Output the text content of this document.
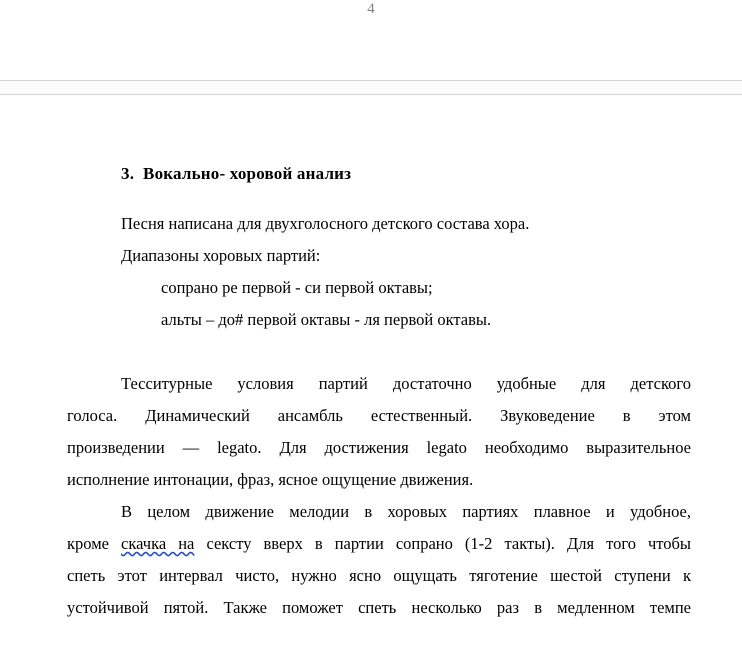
4
3.  Вокально- хоровой анализ

Песня написана для двухголосного детского состава хора.

Диапазоны хоровых партий:

сопрано ре первой - си первой октавы;

альты – до# первой октавы - ля первой октавы.

Тесситурные условия партий достаточно удобные для детского
голоса. Динамический ансамбль естественный. Звуковедение в этом
произведении — legato. Для достижения legato необходимо выразительное
исполнение интонации, фраз, ясное ощущение движения.
В целом движение мелодии в хоровых партиях плавное и удобное,
кроме скачка на сексту вверх в партии сопрано (1-2 такты). Для того чтобы
спеть этот интервал чисто, нужно ясно ощущать тяготение шестой ступени к
устойчивой пятой. Также поможет спеть несколько раз в медленном темпе
